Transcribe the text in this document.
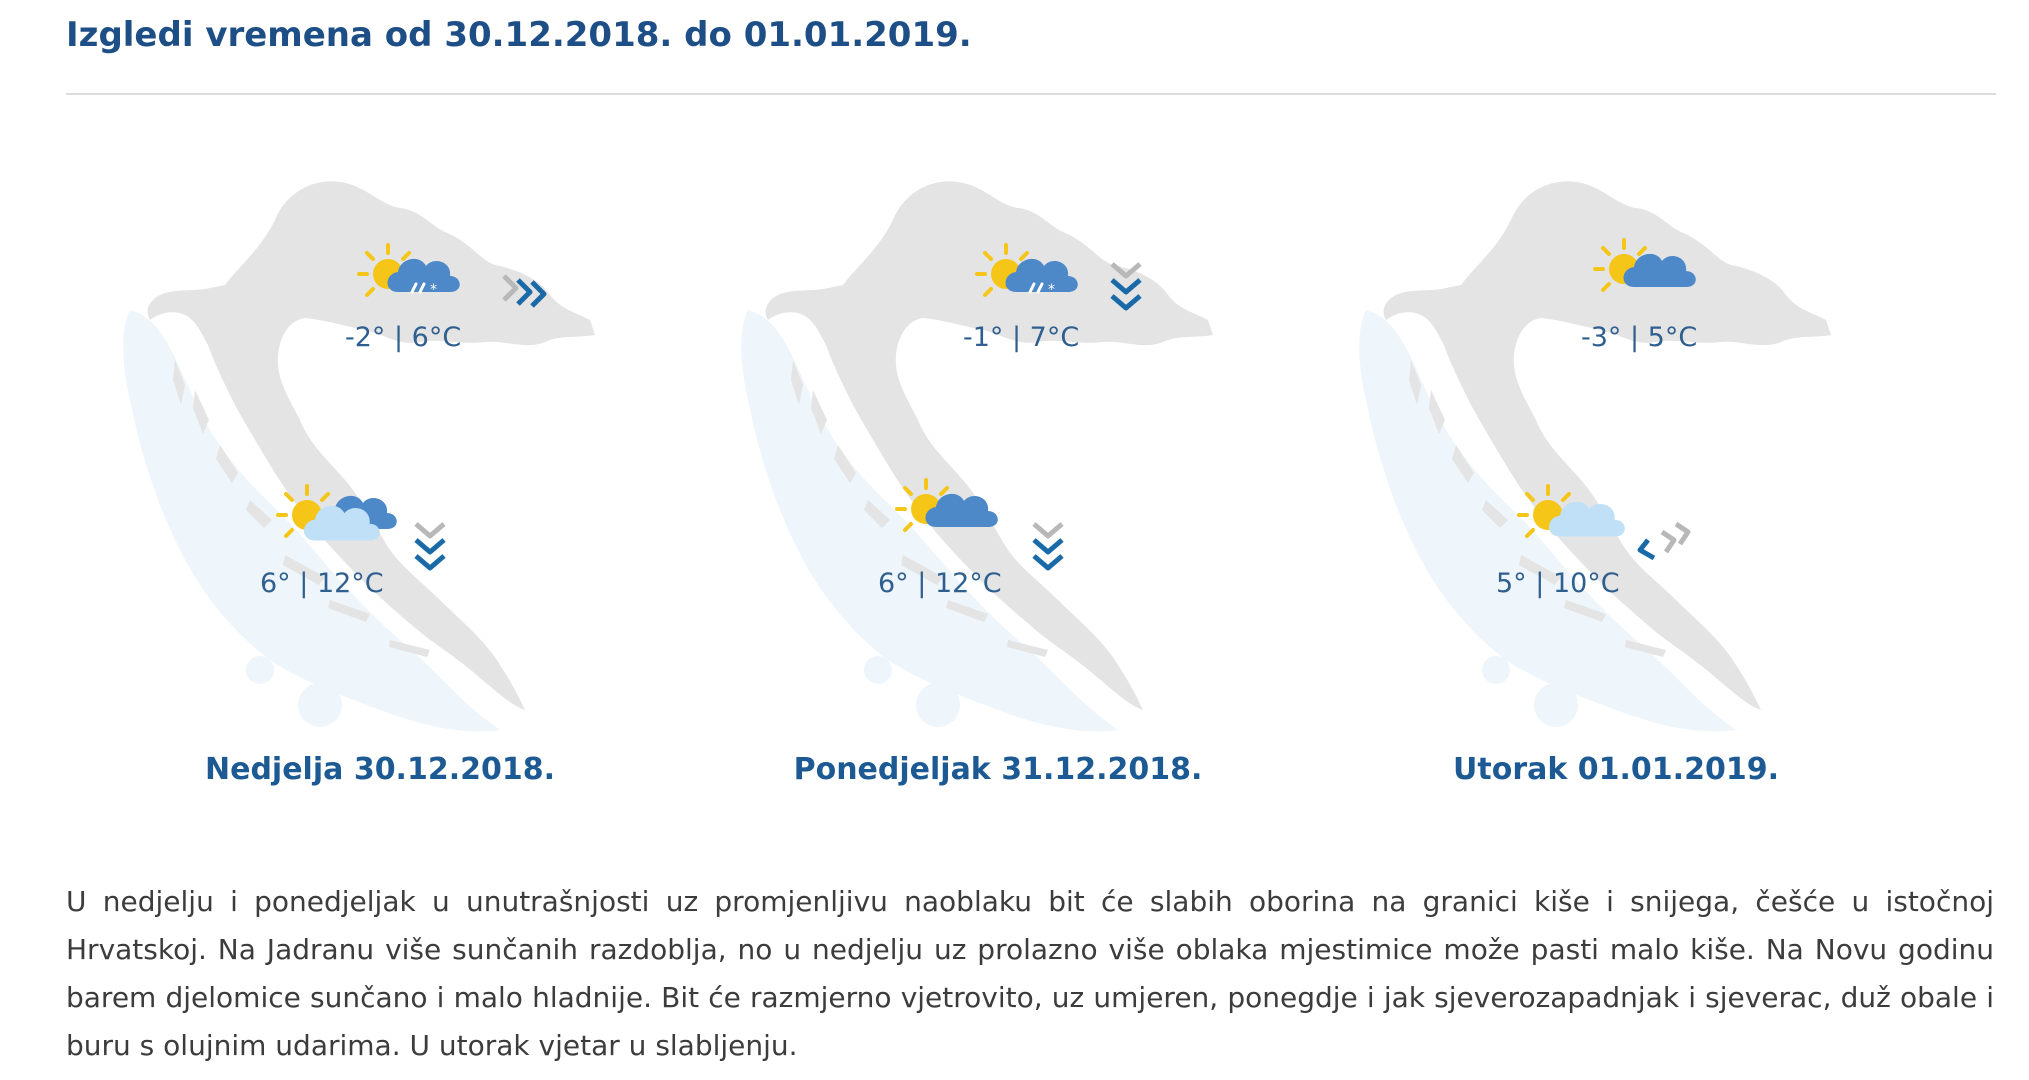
Izgledi vremena od 30.12.2018. do 01.01.2019.
-2° | 6°C
6° | 12°C
Nedjelja 30.12.2018.
-1° | 7°C
6° | 12°C
Ponedjeljak 31.12.2018.
-3° | 5°C
5° | 10°C
Utorak 01.01.2019.

U nedjelju i ponedjeljak u unutrašnjosti uz promjenljivu naoblaku bit će slabih oborina na granici kiše i snijega, češće u istočnoj Hrvatskoj. Na Jadranu više sunčanih razdoblja, no u nedjelju uz prolazno više oblaka mjestimice može pasti malo kiše. Na Novu godinu barem djelomice sunčano i malo hladnije. Bit će razmjerno vjetrovito, uz umjeren, ponegdje i jak sjeverozapadnjak i sjeverac, duž obale i buru s olujnim udarima. U utorak vjetar u slabljenju.
